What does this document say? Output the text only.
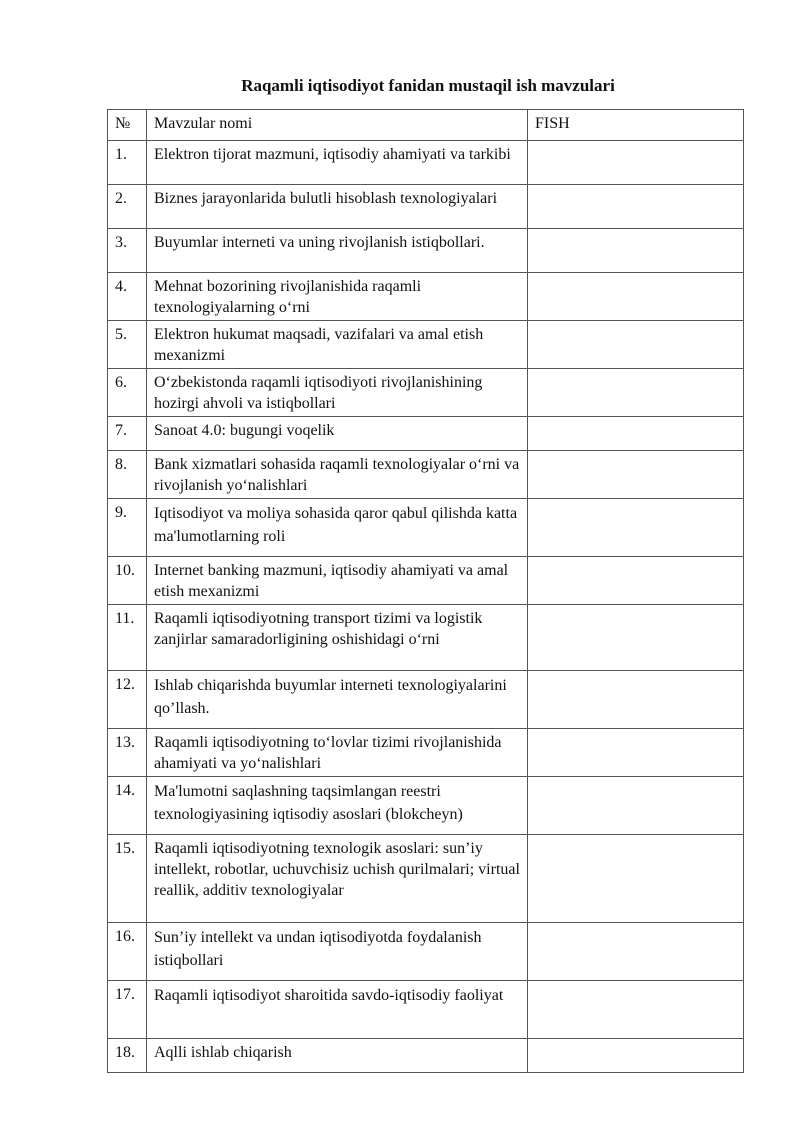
Raqamli iqtisodiyot fanidan mustaqil ish mavzulari
№	Mavzular nomi	FISH
1.	Elektron tijorat mazmuni, iqtisodiy ahamiyati va tarkibi	
2.	Biznes jarayonlarida bulutli hisoblash texnologiyalari	
3.	Buyumlar interneti va uning rivojlanish istiqbollari.	
4.	Mehnat bozorining rivojlanishida raqamli texnologiyalarning o‘rni	
5.	Elektron hukumat maqsadi, vazifalari va amal etish mexanizmi	
6.	O‘zbekistonda raqamli iqtisodiyoti rivojlanishining hozirgi ahvoli va istiqbollari	
7.	Sanoat 4.0: bugungi voqelik	
8.	Bank xizmatlari sohasida raqamli texnologiyalar o‘rni va rivojlanish yo‘nalishlari	
9.	Iqtisodiyot va moliya sohasida qaror qabul qilishda katta ma'lumotlarning roli	
10.	Internet banking mazmuni, iqtisodiy ahamiyati va amal etish mexanizmi	
11.	Raqamli iqtisodiyotning transport tizimi va logistik zanjirlar samaradorligining oshishidagi o‘rni	
12.	Ishlab chiqarishda buyumlar interneti texnologiyalarini qo’llash.	
13.	Raqamli iqtisodiyotning to‘lovlar tizimi rivojlanishida ahamiyati va yo‘nalishlari	
14.	Ma'lumotni saqlashning taqsimlangan reestri texnologiyasining iqtisodiy asoslari (blokcheyn)	
15.	Raqamli iqtisodiyotning texnologik asoslari: sun’iy intellekt, robotlar, uchuvchisiz uchish qurilmalari; virtual reallik, additiv texnologiyalar	
16.	Sun’iy intellekt va undan iqtisodiyotda foydalanish istiqbollari	
17.	Raqamli iqtisodiyot sharoitida savdo-iqtisodiy faoliyat	
18.	Aqlli ishlab chiqarish	
